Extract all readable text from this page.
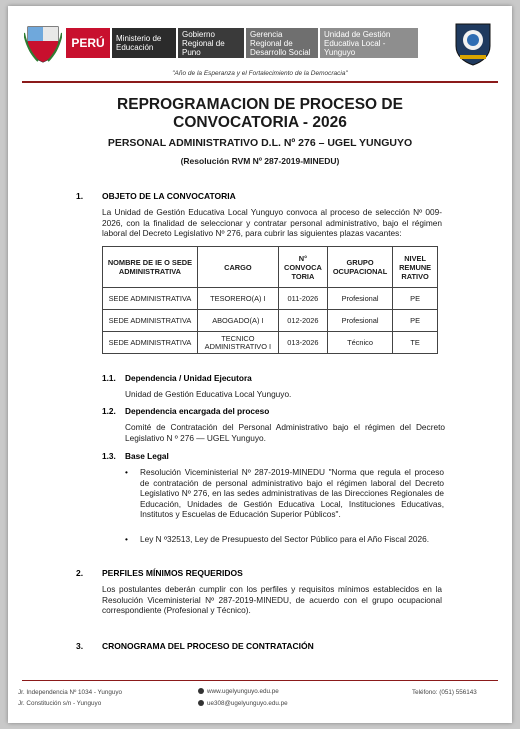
PERÚ	Ministerio de Educación
Gobierno Regional de Puno
Gerencia Regional de Desarrollo Social
Unidad de Gestión Educativa Local - Yunguyo
"Año de la Esperanza y el Fortalecimiento de la Democracia"
REPROGRAMACION DE PROCESO DE
CONVOCATORIA - 2026
PERSONAL ADMINISTRATIVO D.L. Nº 276 – UGEL YUNGUYO
(Resolución RVM Nº 287-2019-MINEDU)
1. OBJETO DE LA CONVOCATORIA
La Unidad de Gestión Educativa Local Yunguyo convoca al proceso de selección Nº 009-2026, con la finalidad de seleccionar y contratar personal administrativo, bajo el régimen laboral del Decreto Legislativo Nº 276, para cubrir las siguientes plazas vacantes:
NOMBRE DE IE O SEDE ADMINISTRATIVA	CARGO	N° CONVOCA TORIA	GRUPO OCUPACIONAL	NIVEL REMUNE RATIVO
SEDE ADMINISTRATIVA	TESORERO(A) I	011-2026	Profesional	PE
SEDE ADMINISTRATIVA	ABOGADO(A) I	012-2026	Profesional	PE
SEDE ADMINISTRATIVA	TECNICO ADMINISTRATIVO I	013-2026	Técnico	TE
1.1. Dependencia / Unidad Ejecutora
Unidad de Gestión Educativa Local Yunguyo.
1.2. Dependencia encargada del proceso
Comité de Contratación del Personal Administrativo bajo el régimen del Decreto Legislativo N º 276 — UGEL Yunguyo.
1.3. Base Legal
• Resolución Viceministerial Nº 287-2019-MINEDU "Norma que regula el proceso de contratación de personal administrativo bajo el régimen laboral del Decreto Legislativo Nº 276, en las sedes administrativas de las Direcciones Regionales de Educación, Unidades de Gestión Educativa Local, Instituciones Educativas, Institutos y Escuelas de Educación Superior Públicos".
• Ley N º32513, Ley de Presupuesto del Sector Público para el Año Fiscal 2026.
2. PERFILES MÍNIMOS REQUERIDOS
Los postulantes deberán cumplir con los perfiles y requisitos mínimos establecidos en la Resolución Viceministerial Nº 287-2019-MINEDU, de acuerdo con el grupo ocupacional correspondiente (Profesional y Técnico).
3. CRONOGRAMA DEL PROCESO DE CONTRATACIÓN
Jr. Independencia Nº 1034 - Yunguyo
Jr. Constitución s/n - Yunguyo
www.ugelyunguyo.edu.pe
ue308@ugelyunguyo.edu.pe
Teléfono: (051) 556143
